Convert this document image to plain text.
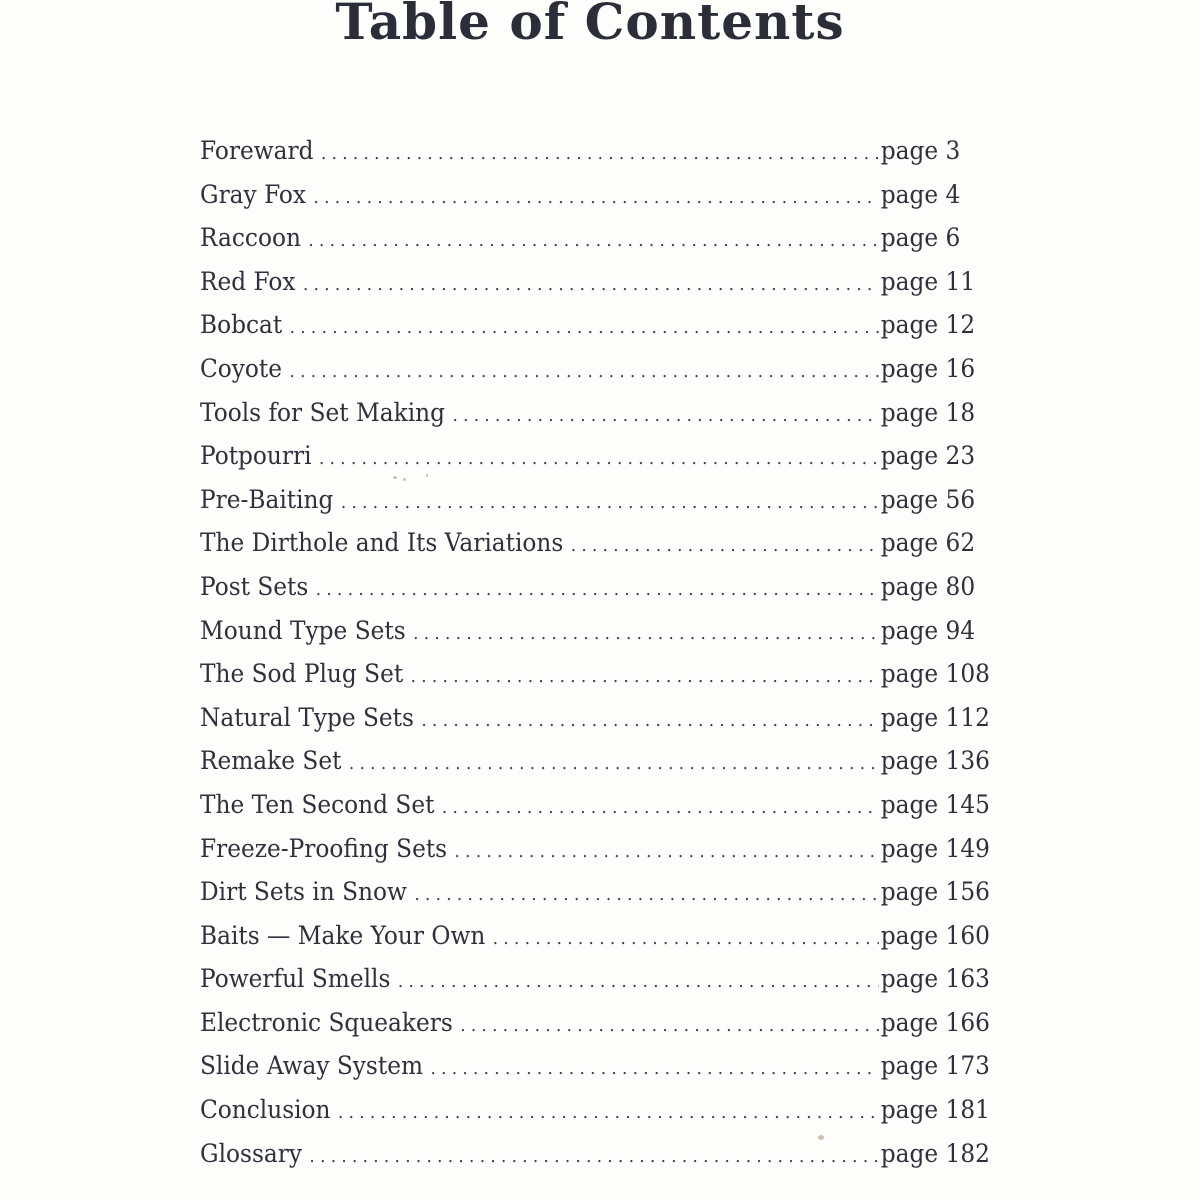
Table of Contents
Foreward . . .	page 3
Gray Fox . . .	page 4
Raccoon . . .	page 6
Red Fox . . .	page 11
Bobcat . . .	page 12
Coyote . . .	page 16
Tools for Set Making . . .	page 18
Potpourri . . .	page 23
Pre-Baiting . . .	page 56
The Dirthole and Its Variations . . .	page 62
Post Sets . . .	page 80
Mound Type Sets . . .	page 94
The Sod Plug Set . . .	page 108
Natural Type Sets . . .	page 112
Remake Set . . .	page 136
The Ten Second Set . . .	page 145
Freeze-Proofing Sets . . .	page 149
Dirt Sets in Snow . . .	page 156
Baits — Make Your Own . . .	page 160
Powerful Smells . . .	page 163
Electronic Squeakers . . .	page 166
Slide Away System . . .	page 173
Conclusion . . .	page 181
Glossary . . .	page 182
